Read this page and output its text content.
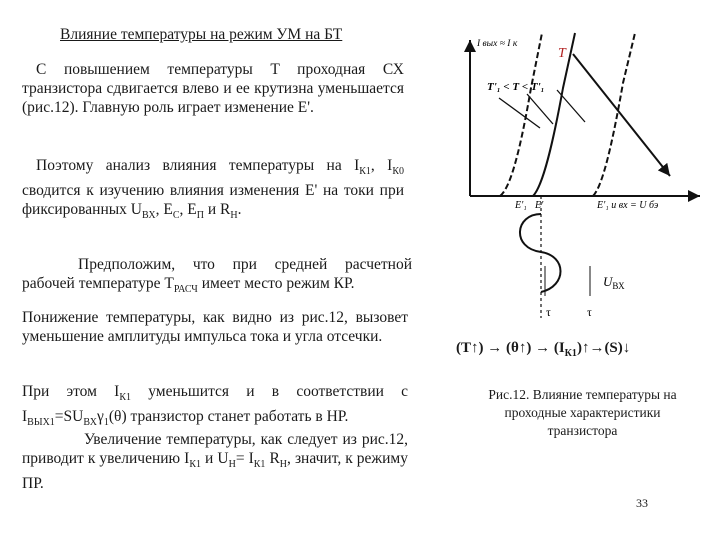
Влияние температуры на режим УМ на БТ
С повышением температуры T проходная СХ транзистора сдвигается влево и ее крутизна уменьшается (рис.12). Главную роль играет изменение E'.
Поэтому анализ влияния температуры на $I_{К1}$, $I_{К0}$ сводится к изучению влияния изменения E' на токи при фиксированных $U_{ВХ}$, $E_С$, $E_П$ и $R_Н$.
Предположим, что при средней расчетной рабочей температуре $T_{РАСЧ}$ имеет место режим КР.
Понижение температуры, как видно из рис.12, вызовет уменьшение амплитуды импульса тока и угла отсечки.
При этом $I_{К1}$ уменьшится и в соответствии с $I_{ВЫХ1}=SU_{ВХ}\gamma_1(\theta)$ транзистор станет работать в НР.
Увеличение температуры, как следует из рис.12, приводит к увеличению $I_{К1}$ и $U_Н= I_{К1}$ $R_Н$, значит, к режиму ПР.
I вых ≈ I к
T
T'₁ < T < T'₁
E'₁ E'	E'₁ u вх = U бэ
τ	τ
$U_{ВХ}$
(T↑) → (θ↑) → $(I_{К1})↑\to(S)↓$
Рис.12. Влияние температуры на проходные характеристики транзистора
33
